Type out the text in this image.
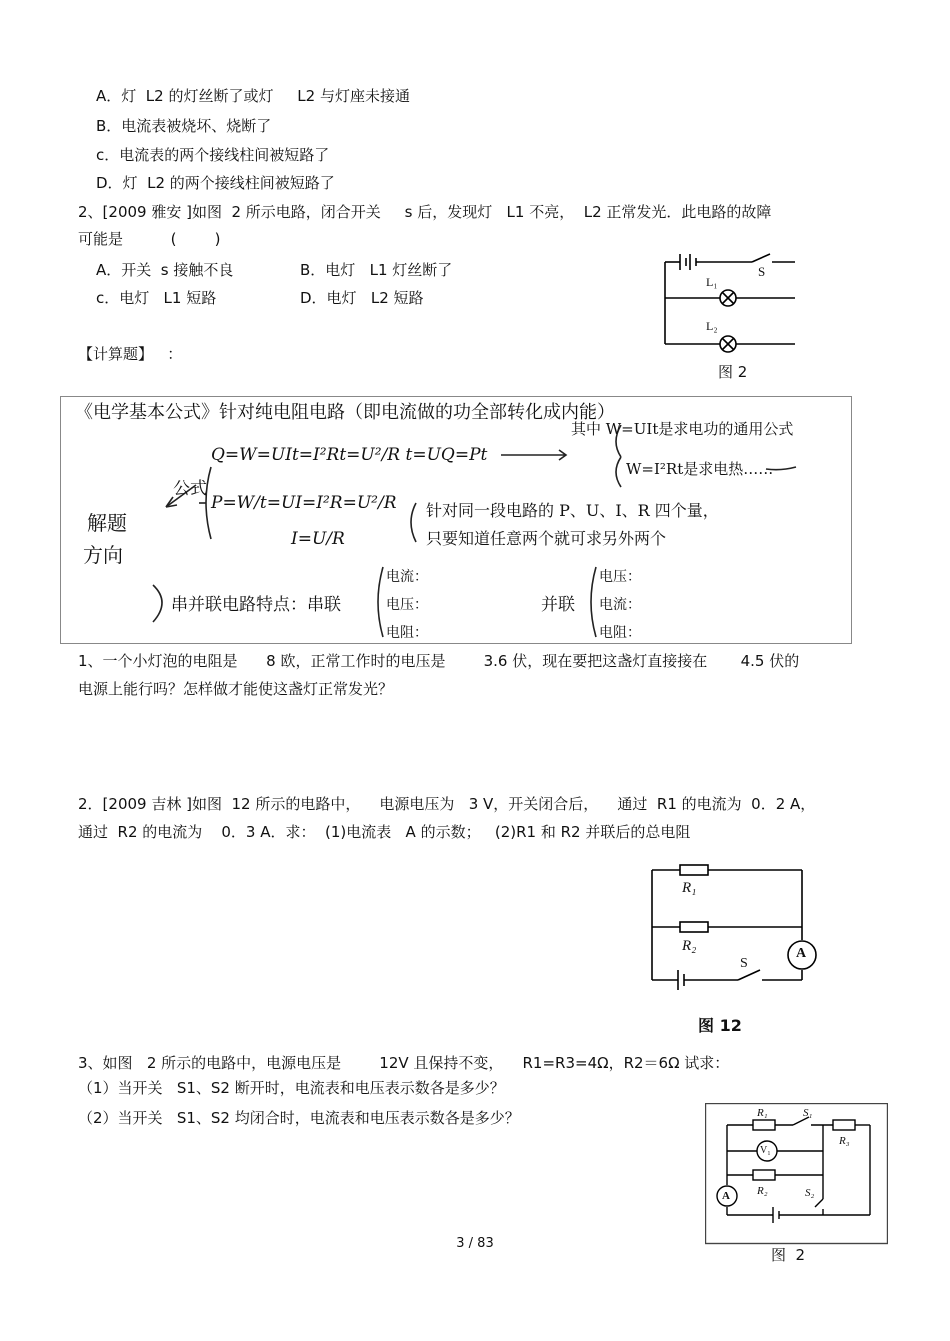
A．灯  L2 的灯丝断了或灯     L2 与灯座未接通
B．电流表被烧坏、烧断了
c．电流表的两个接线柱间被短路了
D．灯  L2 的两个接线柱间被短路了
2、[2009 雅安 ]如图  2 所示电路，闭合开关     s 后，发现灯   L1 不亮，  L2 正常发光．此电路的故障
可能是          (        )
A．开关  s 接触不良	B．电灯   L1 灯丝断了
c．电灯   L1 短路	D．电灯   L2 短路
S
L₁
L₂
图 2
【计算题】   ：
《电学基本公式》针对纯电阻电路（即电流做的功全部转化成内能）
Q=W=UIt=I²Rt=U²/R t=UQ=Pt
其中 W=UIt是求电功的通用公式
W=I²Rt是求电热……
P=W/t=UI=I²R=U²/R
I=U/R
针对同一段电路的 P、U、I、R 四个量，
只要知道任意两个就可求另外两个
公式
解题
方向
串并联电路特点：串联
电流：
电压：
电阻：
并联
电压：
电流：
电阻：
1、一个小灯泡的电阻是      8 欧，正常工作时的电压是        3.6 伏，现在要把这盏灯直接接在       4.5 伏的
电源上能行吗？怎样做才能使这盏灯正常发光？
2．[2009 吉林 ]如图  12 所示的电路中，    电源电压为   3 V，开关闭合后，    通过  R1 的电流为  0．2 A，
通过  R2 的电流为    0．3 A．求：  (1)电流表   A 的示数；   (2)R1 和 R2 并联后的总电阻
R₁
R₂
S
A
图 12
3、如图   2 所示的电路中，电源电压是        12V 且保持不变，    R1=R3=4Ω，R2＝6Ω 试求：
（1）当开关   S1、S2 断开时，电流表和电压表示数各是多少？
（2）当开关   S1、S2 均闭合时，电流表和电压表示数各是多少？	R₁	S₁
R₃
V₁
R₂	S₂
A
图  2
3 / 83
